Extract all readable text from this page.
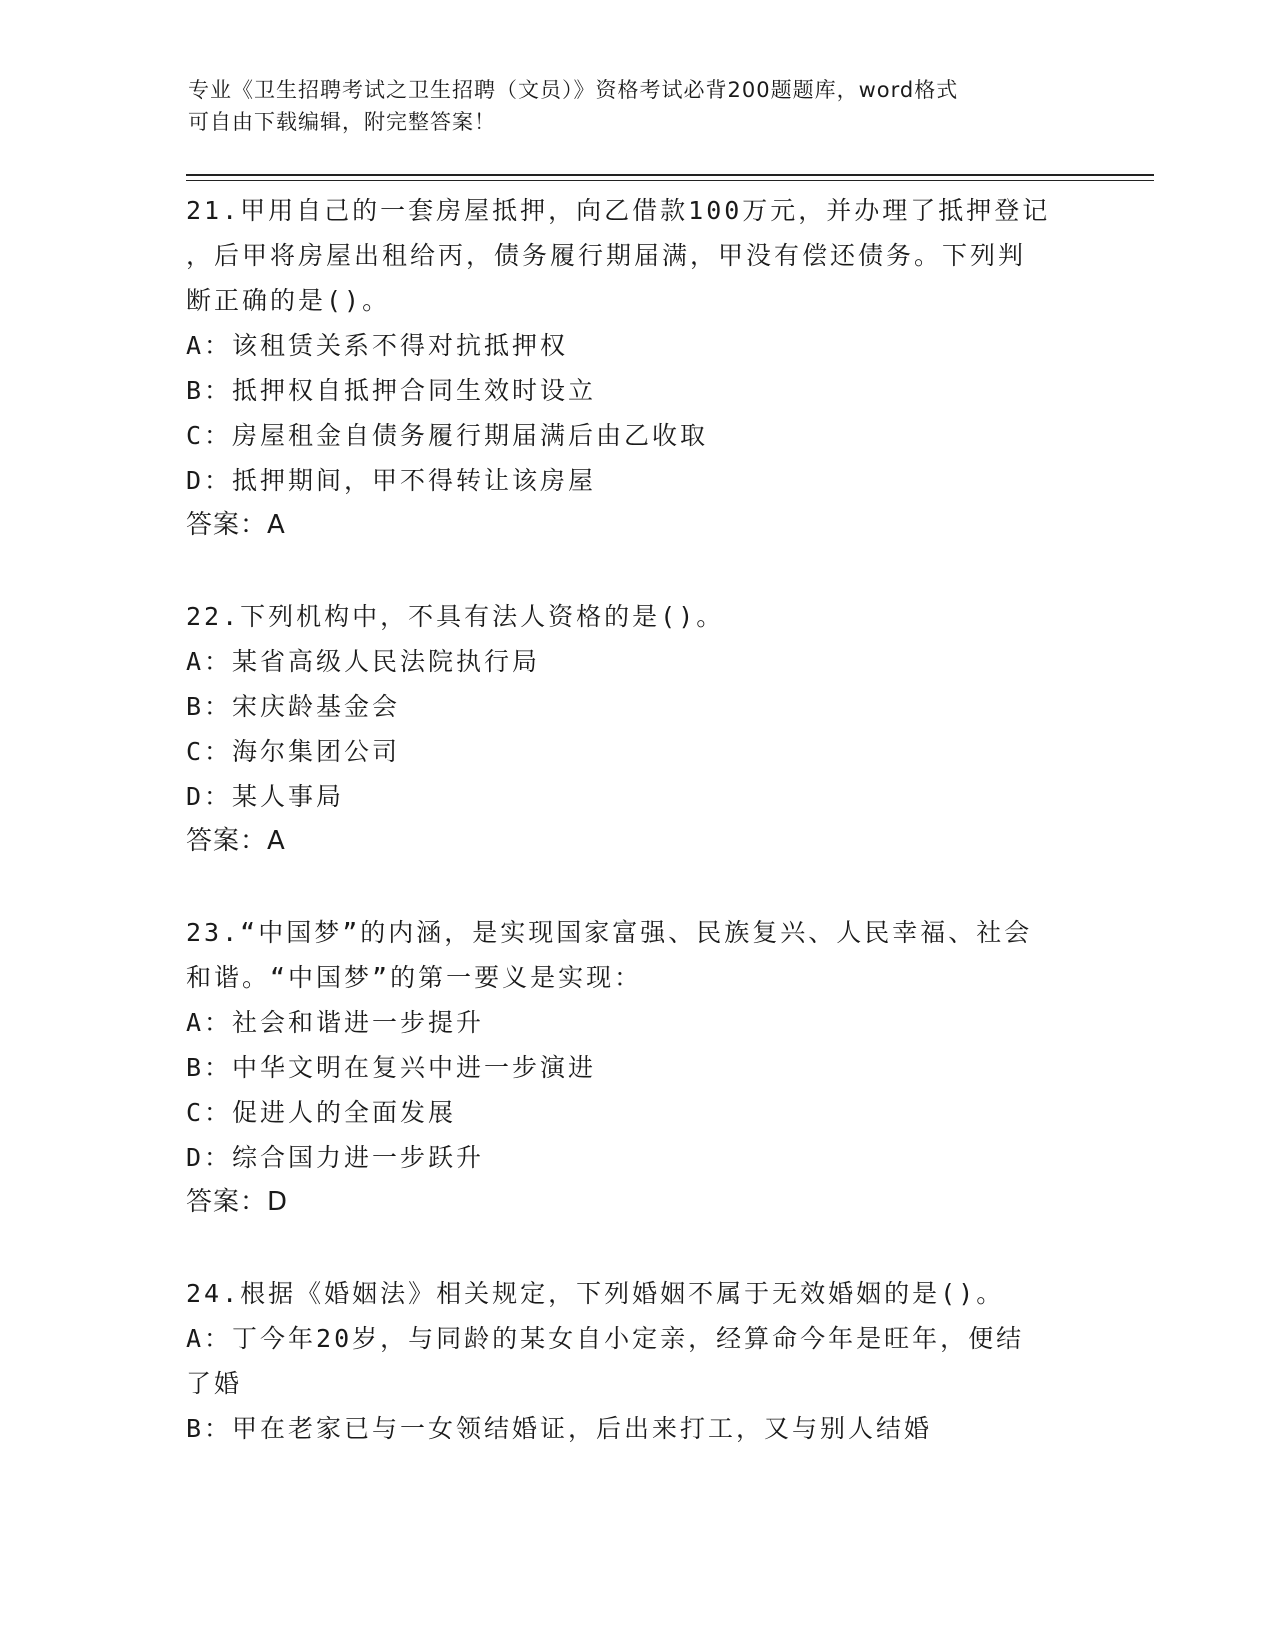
专业《卫生招聘考试之卫生招聘（文员）》资格考试必背200题题库，word格式
可自由下载编辑，附完整答案！
21.甲用自己的一套房屋抵押，向乙借款100万元，并办理了抵押登记
，后甲将房屋出租给丙，债务履行期届满，甲没有偿还债务。下列判
断正确的是()。
A：该租赁关系不得对抗抵押权
B：抵押权自抵押合同生效时设立
C：房屋租金自债务履行期届满后由乙收取
D：抵押期间，甲不得转让该房屋
答案：A
22.下列机构中，不具有法人资格的是()。
A：某省高级人民法院执行局
B：宋庆龄基金会
C：海尔集团公司
D：某人事局
答案：A
23.“中国梦”的内涵，是实现国家富强、民族复兴、人民幸福、社会
和谐。“中国梦”的第一要义是实现：
A：社会和谐进一步提升
B：中华文明在复兴中进一步演进
C：促进人的全面发展
D：综合国力进一步跃升
答案：D
24.根据《婚姻法》相关规定，下列婚姻不属于无效婚姻的是()。
A：丁今年20岁，与同龄的某女自小定亲，经算命今年是旺年，便结
了婚
B：甲在老家已与一女领结婚证，后出来打工，又与别人结婚
